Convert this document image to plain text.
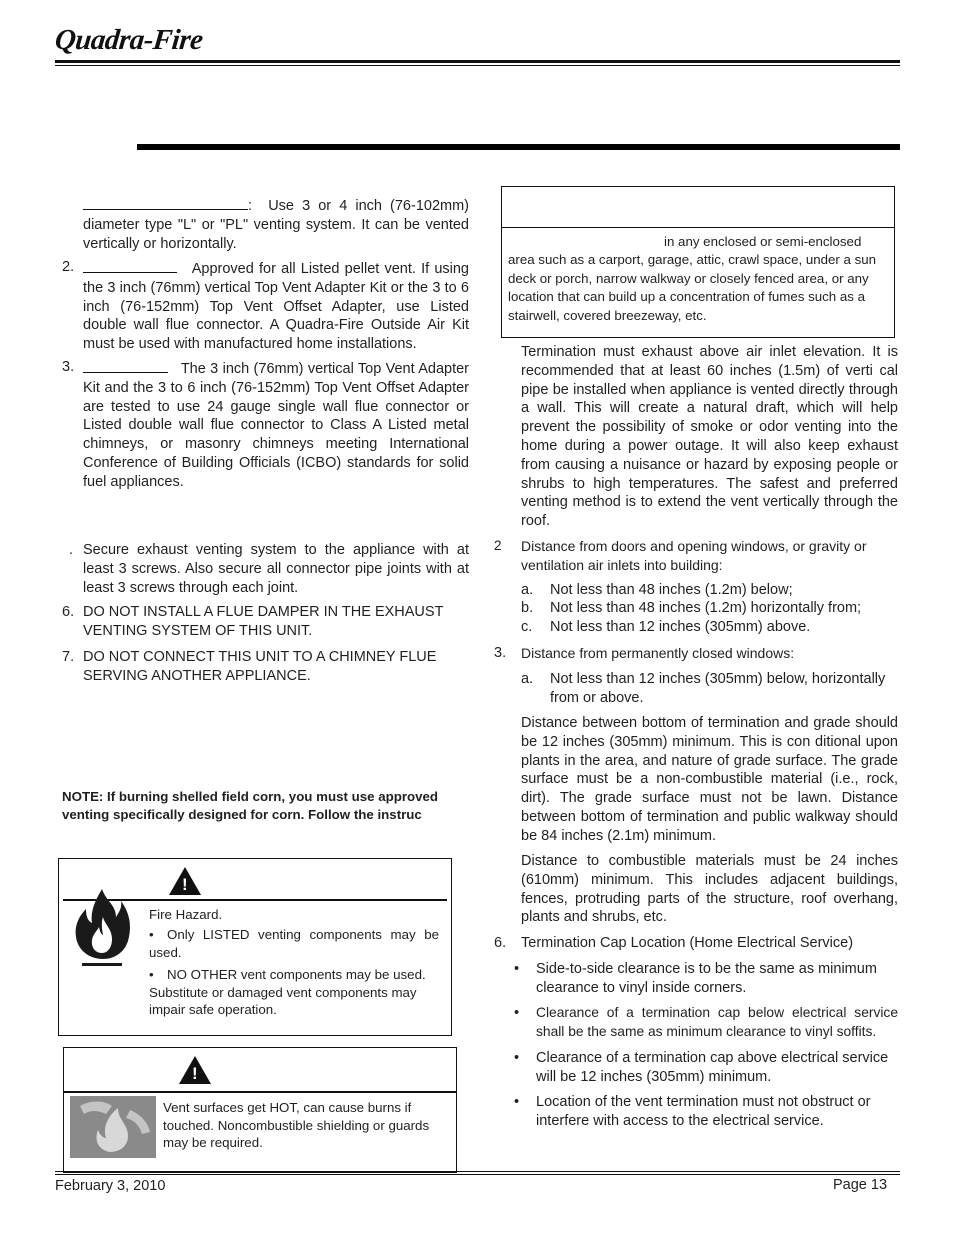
Quadra-Fire
: Use 3 or 4 inch (76-102mm) diameter type "L" or "PL" venting system. It can be vented vertically or horizontally.
2.	Approved for all Listed pellet vent. If using the 3 inch (76mm) vertical Top Vent Adapter Kit or the 3 to 6 inch (76-152mm) Top Vent Offset Adapter, use Listed double wall flue connector. A Quadra-Fire Outside Air Kit must be used with manufactured home installations.
3.	The 3 inch (76mm) vertical Top Vent Adapter Kit and the 3 to 6 inch (76-152mm) Top Vent Offset Adapter are tested to use 24 gauge single wall flue connector or Listed double wall flue connector to Class A Listed metal chimneys, or masonry chimneys meeting International Conference of Building Officials (ICBO) standards for solid fuel appliances.
. Secure exhaust venting system to the appliance with at least 3 screws. Also secure all connector pipe joints with at least 3 screws through each joint.
6. DO NOT INSTALL A FLUE DAMPER IN THE EXHAUST VENTING SYSTEM OF THIS UNIT.
7. DO NOT CONNECT THIS UNIT TO A CHIMNEY FLUE SERVING ANOTHER APPLIANCE.
NOTE: If burning shelled field corn, you must use approved venting specifically designed for corn. Follow the instruc
!
Fire Hazard.
•	Only LISTED venting components may be used.
•	NO OTHER vent components may be used. Substitute or damaged vent components may impair safe operation.
!
Vent surfaces get HOT, can cause burns if touched. Noncombustible shielding or guards may be required.
in any enclosed or semi-enclosed
area such as a carport, garage, attic, crawl space, under a sun deck or porch, narrow walkway or closely fenced area, or any location that can build up a concentration of fumes such as a stairwell, covered breezeway, etc.
Termination must exhaust above air inlet elevation. It is recommended that at least 60 inches (1.5m) of verti cal pipe be installed when appliance is vented directly through a wall. This will create a natural draft, which will help prevent the possibility of smoke or odor venting into the home during a power outage. It will also keep exhaust from causing a nuisance or hazard by exposing people or shrubs to high temperatures. The safest and preferred venting method is to extend the vent vertically through the roof.
2 Distance from doors and opening windows, or gravity or ventilation air inlets into building:
a. Not less than 48 inches (1.2m) below;
b. Not less than 48 inches (1.2m) horizontally from;
c. Not less than 12 inches (305mm) above.
3. Distance from permanently closed windows:
a. Not less than 12 inches (305mm) below, horizontally from or above.
Distance between bottom of termination and grade should be 12 inches (305mm) minimum. This is con ditional upon plants in the area, and nature of grade surface. The grade surface must be a non-combustible material (i.e., rock, dirt). The grade surface must not be lawn. Distance between bottom of termination and public walkway should be 84 inches (2.1m) minimum.
Distance to combustible materials must be 24 inches (610mm) minimum. This includes adjacent buildings, fences, protruding parts of the structure, roof overhang, plants and shrubs, etc.
6. Termination Cap Location (Home Electrical Service)
• Side-to-side clearance is to be the same as minimum clearance to vinyl inside corners.
• Clearance of a termination cap below electrical service shall be the same as minimum clearance to vinyl soffits.
• Clearance of a termination cap above electrical service will be 12 inches (305mm) minimum.
• Location of the vent termination must not obstruct or interfere with access to the electrical service.
February 3, 2010	Page 13
